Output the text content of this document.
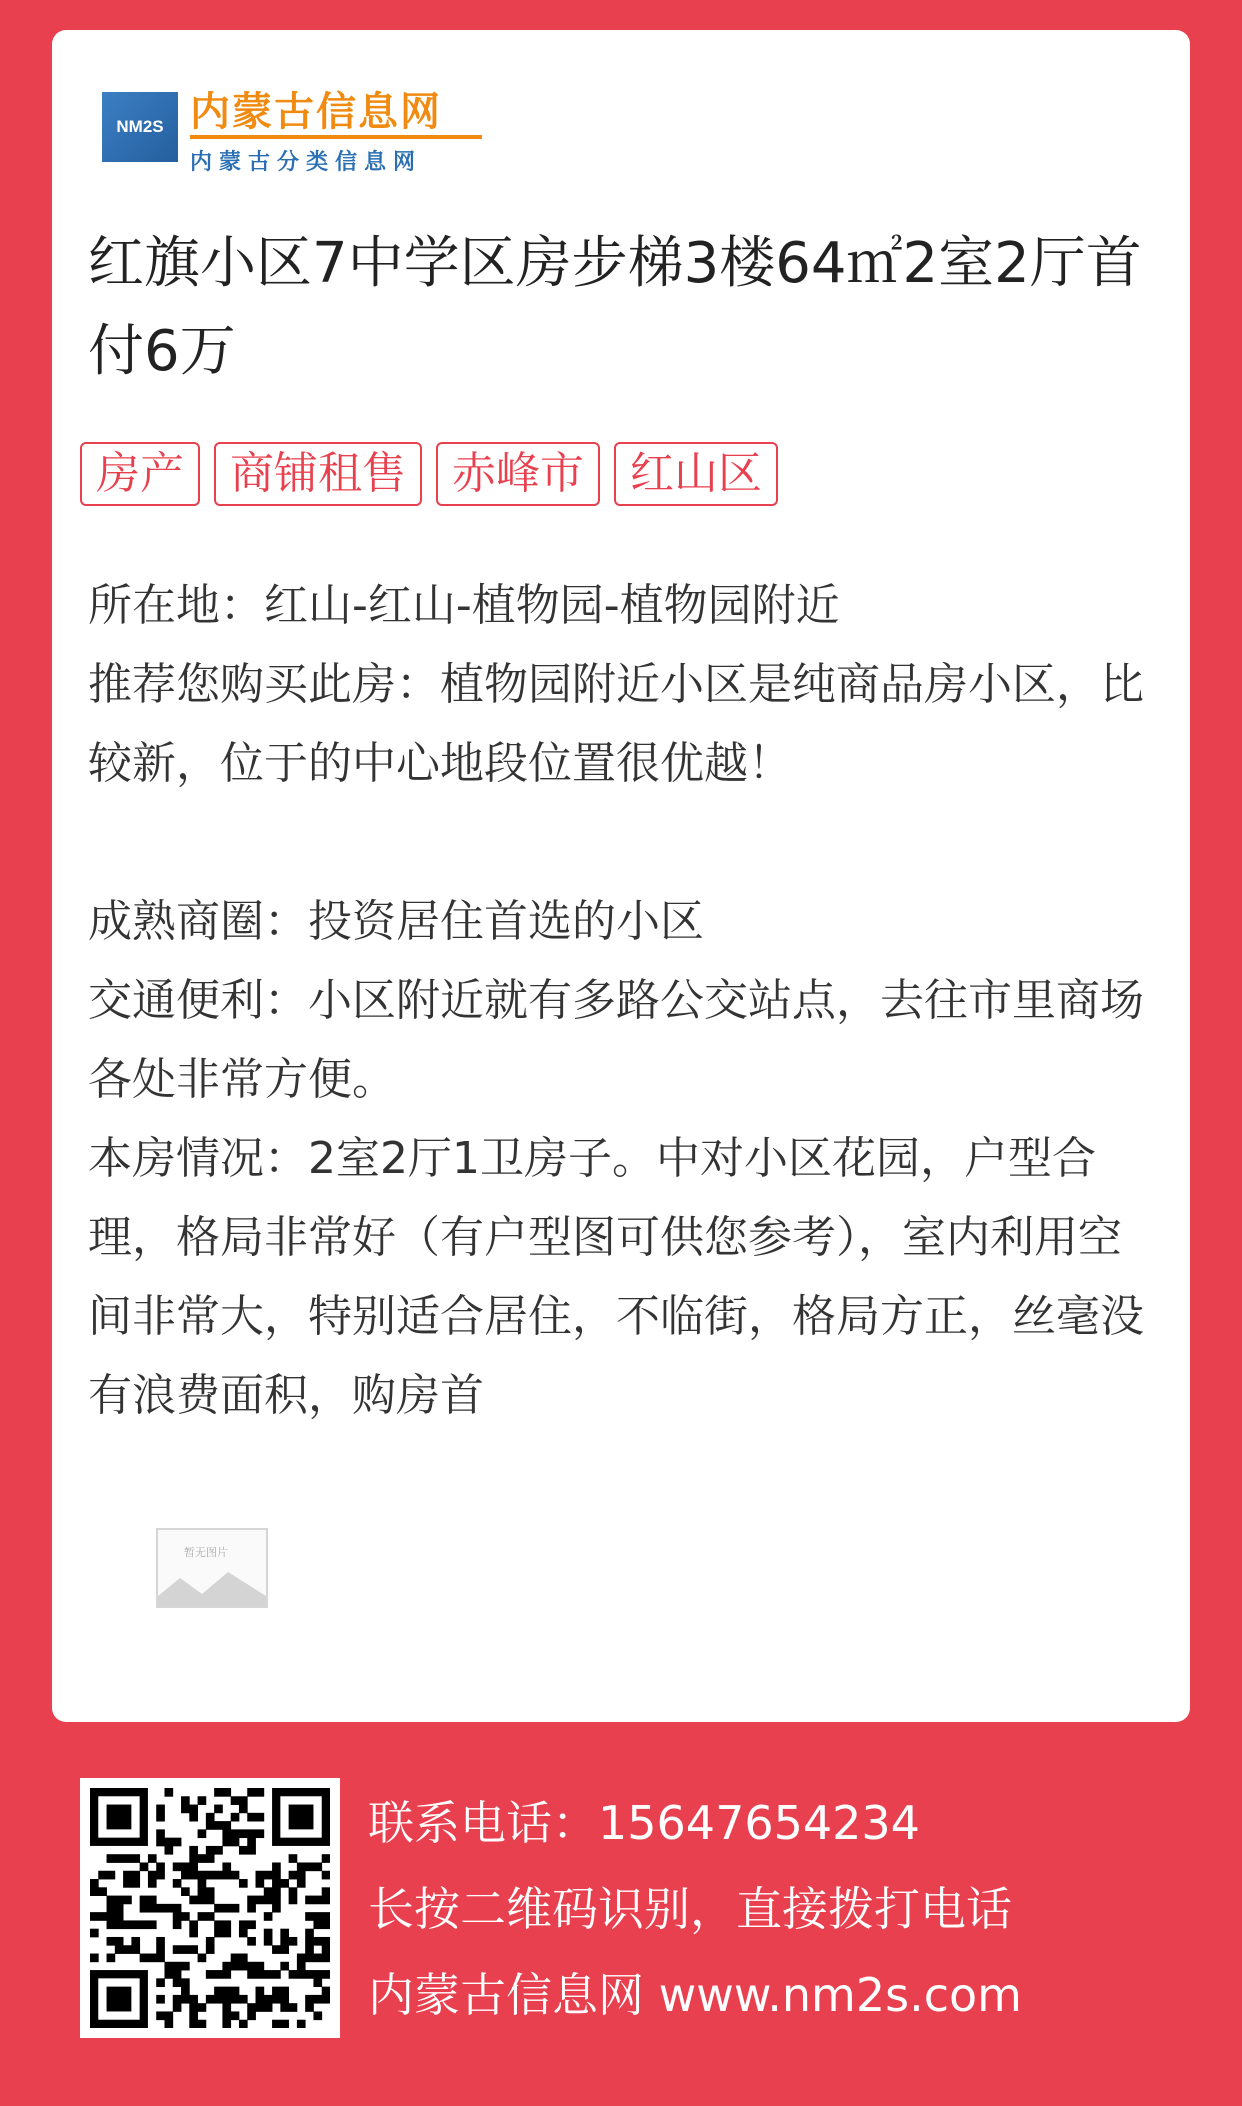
NM2S 内蒙古信息网
内蒙古分类信息网
红旗小区7中学区房步梯3楼64㎡2室2厅首付6万
房产	商铺租售	赤峰市	红山区
所在地：红山-红山-植物园-植物园附近
推荐您购买此房：植物园附近小区是纯商品房小区，比较新，位于的中心地段位置很优越！

成熟商圈：投资居住首选的小区
交通便利：小区附近就有多路公交站点，去往市里商场各处非常方便。
本房情况：2室2厅1卫房子。中对小区花园，户型合理，格局非常好（有户型图可供您参考），室内利用空间非常大，特别适合居住，不临街，格局方正，丝毫没有浪费面积，购房首
暂无图片
联系电话：15647654234
长按二维码识别，直接拨打电话
内蒙古信息网 www.nm2s.com
